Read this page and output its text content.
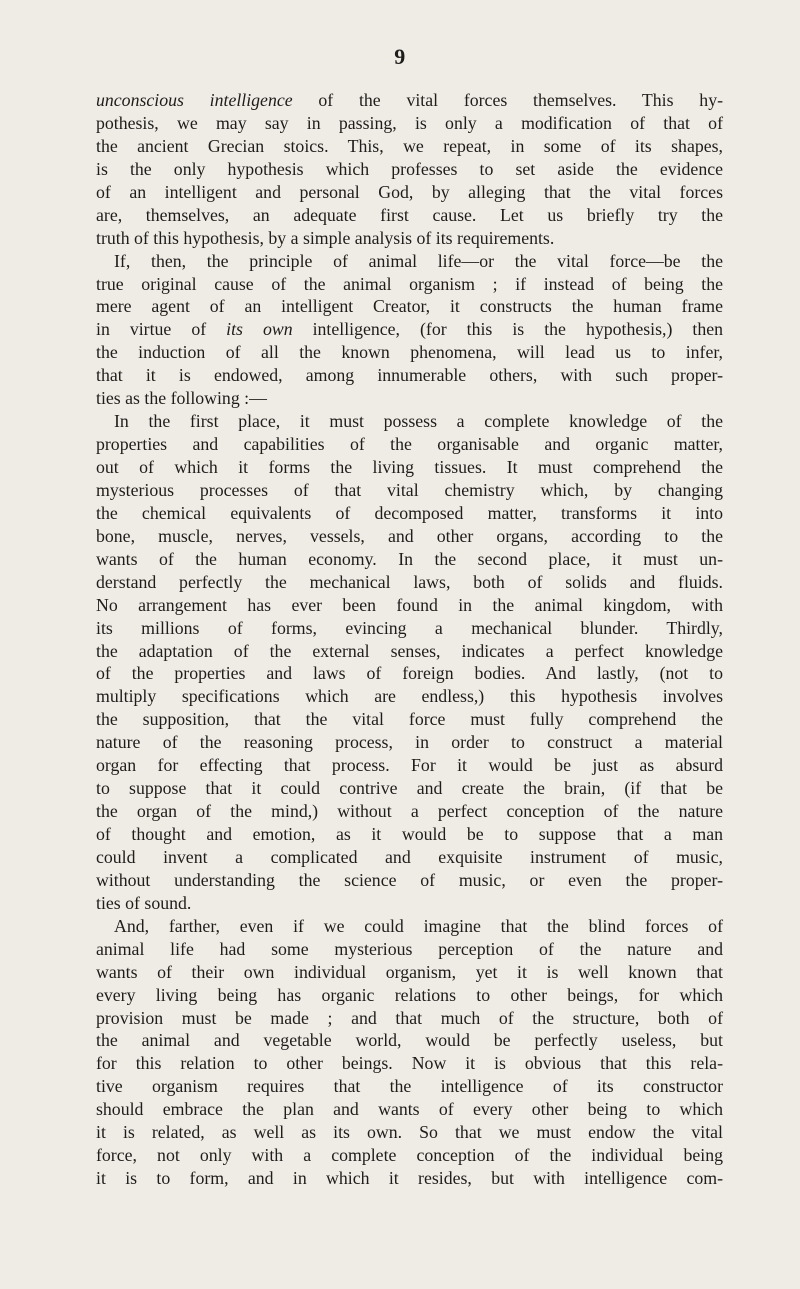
9
unconscious intelligence of the vital forces themselves. This hy-
pothesis, we may say in passing, is only a modification of that of
the ancient Grecian stoics. This, we repeat, in some of its shapes,
is the only hypothesis which professes to set aside the evidence
of an intelligent and personal God, by alleging that the vital forces
are, themselves, an adequate first cause. Let us briefly try the
truth of this hypothesis, by a simple analysis of its requirements.
If, then, the principle of animal life—or the vital force—be the
true original cause of the animal organism ; if instead of being the
mere agent of an intelligent Creator, it constructs the human frame
in virtue of its own intelligence, (for this is the hypothesis,) then
the induction of all the known phenomena, will lead us to infer,
that it is endowed, among innumerable others, with such proper-
ties as the following :—
In the first place, it must possess a complete knowledge of the
properties and capabilities of the organisable and organic matter,
out of which it forms the living tissues. It must comprehend the
mysterious processes of that vital chemistry which, by changing
the chemical equivalents of decomposed matter, transforms it into
bone, muscle, nerves, vessels, and other organs, according to the
wants of the human economy. In the second place, it must un-
derstand perfectly the mechanical laws, both of solids and fluids.
No arrangement has ever been found in the animal kingdom, with
its millions of forms, evincing a mechanical blunder. Thirdly,
the adaptation of the external senses, indicates a perfect knowledge
of the properties and laws of foreign bodies. And lastly, (not to
multiply specifications which are endless,) this hypothesis involves
the supposition, that the vital force must fully comprehend the
nature of the reasoning process, in order to construct a material
organ for effecting that process. For it would be just as absurd
to suppose that it could contrive and create the brain, (if that be
the organ of the mind,) without a perfect conception of the nature
of thought and emotion, as it would be to suppose that a man
could invent a complicated and exquisite instrument of music,
without understanding the science of music, or even the proper-
ties of sound.
And, farther, even if we could imagine that the blind forces of
animal life had some mysterious perception of the nature and
wants of their own individual organism, yet it is well known that
every living being has organic relations to other beings, for which
provision must be made ; and that much of the structure, both of
the animal and vegetable world, would be perfectly useless, but
for this relation to other beings. Now it is obvious that this rela-
tive organism requires that the intelligence of its constructor
should embrace the plan and wants of every other being to which
it is related, as well as its own. So that we must endow the vital
force, not only with a complete conception of the individual being
it is to form, and in which it resides, but with intelligence com-
